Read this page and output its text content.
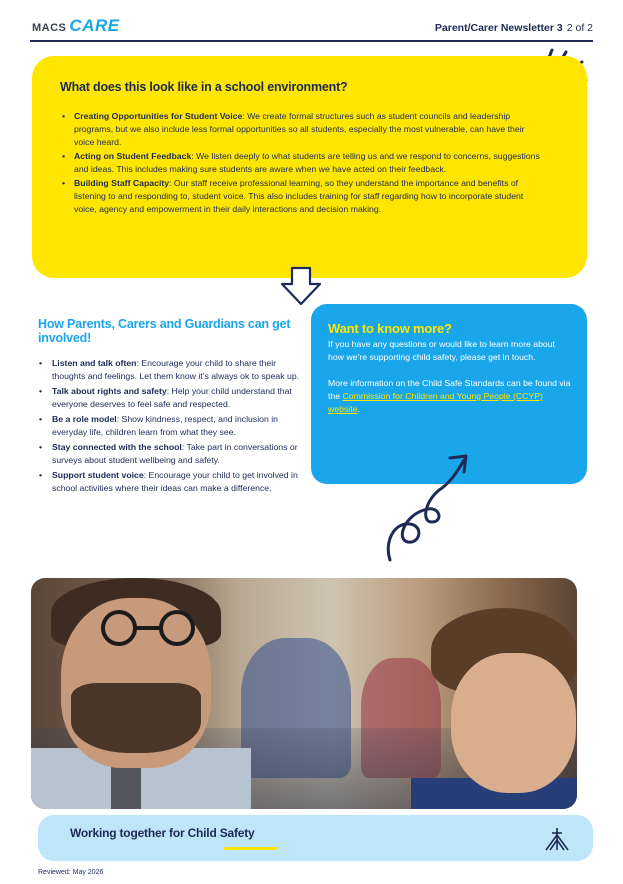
MACS CARE	Parent/Carer Newsletter 3 2 of 2
What does this look like in a school environment?
• Creating Opportunities for Student Voice: We create formal structures such as student councils and leadership programs, but we also include less formal opportunities so all students, especially the most vulnerable, can have their voice heard.
• Acting on Student Feedback: We listen deeply to what students are telling us and we respond to concerns, suggestions and ideas. This includes making sure students are aware when we have acted on their feedback.
• Building Staff Capacity: Our staff receive professional learning, so they understand the importance and benefits of listening to and responding to, student voice. This also includes training for staff regarding how to incorporate student voice, agency and empowerment in their daily interactions and decision making.
How Parents, Carers and Guardians can get involved!
• Listen and talk often: Encourage your child to share their thoughts and feelings. Let them know it’s always ok to speak up.
• Talk about rights and safety: Help your child understand that everyone deserves to feel safe and respected.
• Be a role model: Show kindness, respect, and inclusion in everyday life, children learn from what they see.
• Stay connected with the school: Take part in conversations or surveys about student wellbeing and safety.
• Support student voice: Encourage your child to get involved in school activities where their ideas can make a difference.
Want to know more?

If you have any questions or would like to learn more about how we’re supporting child safety, please get in touch.

More information on the Child Safe Standards can be found via the Commission for Children and Young People (CCYP) website.

Working together for Child Safety
Reviewed: May 2026
